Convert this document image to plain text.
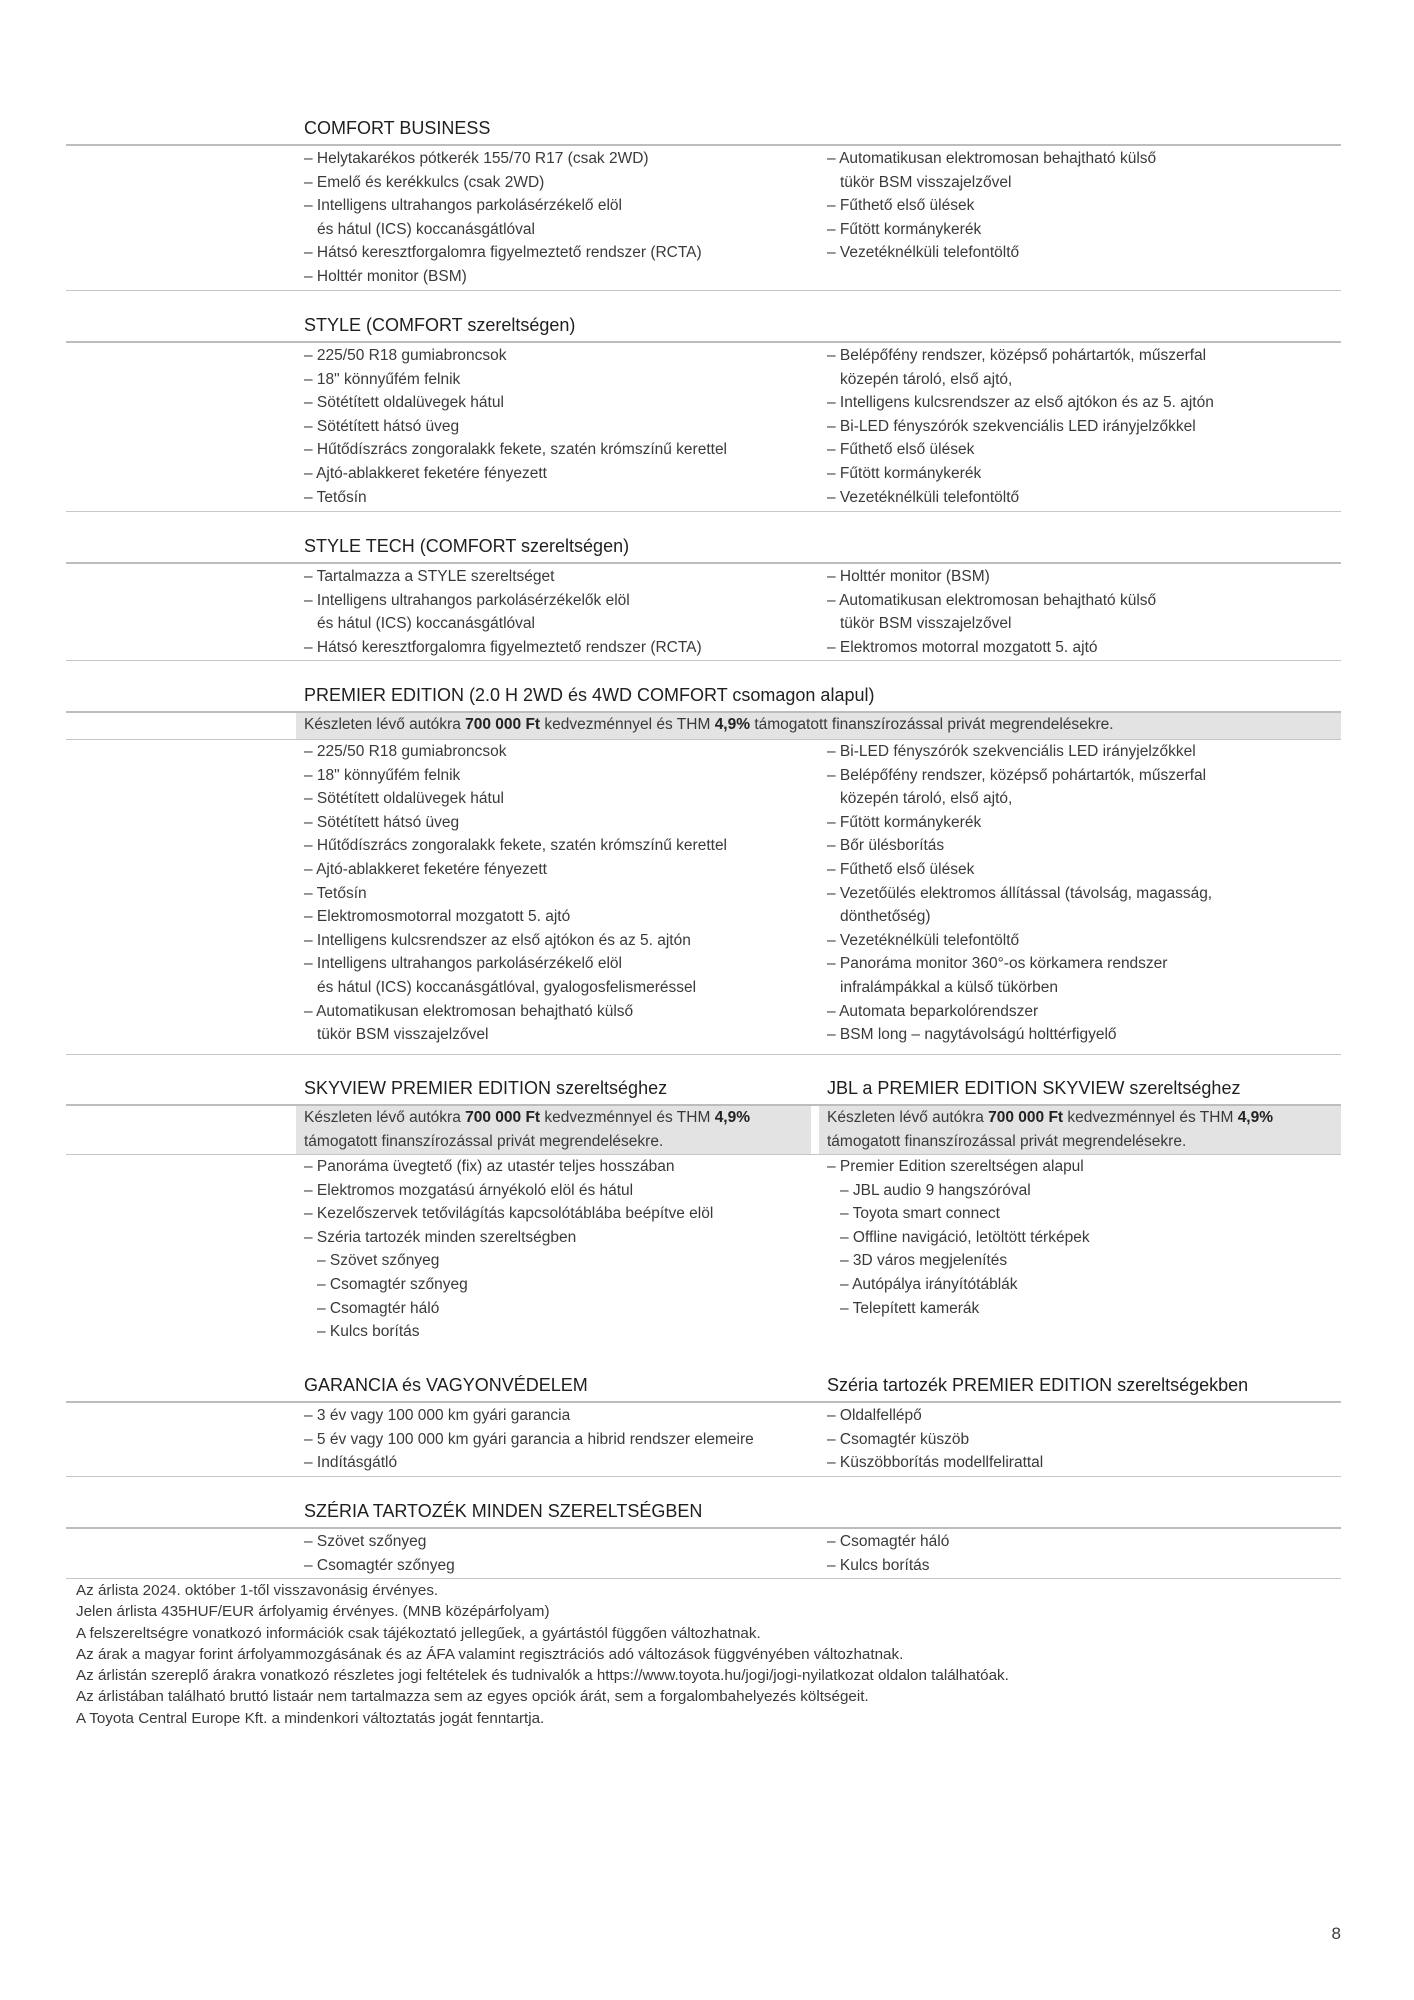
COMFORT BUSINESS
– Helytakarékos pótkerék 155/70 R17 (csak 2WD)
– Emelő és kerékkulcs (csak 2WD)
– Intelligens ultrahangos parkolásérzékelő elöl
és hátul (ICS) koccanásgátlóval
– Hátsó keresztforgalomra figyelmeztető rendszer (RCTA)
– Holttér monitor (BSM)
– Automatikusan elektromosan behajtható külső
tükör BSM visszajelzővel
– Fűthető első ülések
– Fűtött kormánykerék
– Vezetéknélküli telefontöltő
STYLE (COMFORT szereltségen)
– 225/50 R18 gumiabroncsok
– 18" könnyűfém felnik
– Sötétített oldalüvegek hátul
– Sötétített hátsó üveg
– Hűtődíszrács zongoralakk fekete, szatén krómszínű kerettel
– Ajtó-ablakkeret feketére fényezett
– Tetősín
– Belépőfény rendszer, középső pohártartók, műszerfal
közepén tároló, első ajtó,
– Intelligens kulcsrendszer az első ajtókon és az 5. ajtón
– Bi-LED fényszórók szekvenciális LED irányjelzőkkel
– Fűthető első ülések
– Fűtött kormánykerék
– Vezetéknélküli telefontöltő
STYLE TECH (COMFORT szereltségen)
– Tartalmazza a STYLE szereltséget
– Intelligens ultrahangos parkolásérzékelők elöl
és hátul (ICS) koccanásgátlóval
– Hátsó keresztforgalomra figyelmeztető rendszer (RCTA)
– Holttér monitor (BSM)
– Automatikusan elektromosan behajtható külső
tükör BSM visszajelzővel
– Elektromos motorral mozgatott 5. ajtó
PREMIER EDITION (2.0 H 2WD és 4WD COMFORT csomagon alapul)
Készleten lévő autókra 700 000 Ft kedvezménnyel és THM 4,9% támogatott finanszírozással privát megrendelésekre.
– 225/50 R18 gumiabroncsok
– 18" könnyűfém felnik
– Sötétített oldalüvegek hátul
– Sötétített hátsó üveg
– Hűtődíszrács zongoralakk fekete, szatén krómszínű kerettel
– Ajtó-ablakkeret feketére fényezett
– Tetősín
– Elektromosmotorral mozgatott 5. ajtó
– Intelligens kulcsrendszer az első ajtókon és az 5. ajtón
– Intelligens ultrahangos parkolásérzékelő elöl
és hátul (ICS) koccanásgátlóval, gyalogosfelismeréssel
– Automatikusan elektromosan behajtható külső
tükör BSM visszajelzővel
– Bi-LED fényszórók szekvenciális LED irányjelzőkkel
– Belépőfény rendszer, középső pohártartók, műszerfal
közepén tároló, első ajtó,
– Fűtött kormánykerék
– Bőr ülésborítás
– Fűthető első ülések
– Vezetőülés elektromos állítással (távolság, magasság,
dönthetőség)
– Vezetéknélküli telefontöltő
– Panoráma monitor 360°-os körkamera rendszer
infralámpákkal a külső tükörben
– Automata beparkolórendszer
– BSM long – nagytávolságú holttérfigyelő
SKYVIEW PREMIER EDITION szereltséghez	JBL a PREMIER EDITION SKYVIEW szereltséghez
Készleten lévő autókra 700 000 Ft kedvezménnyel és THM 4,9%
támogatott finanszírozással privát megrendelésekre.
Készleten lévő autókra 700 000 Ft kedvezménnyel és THM 4,9%
támogatott finanszírozással privát megrendelésekre.
– Panoráma üvegtető (fix) az utastér teljes hosszában
– Elektromos mozgatású árnyékoló elöl és hátul
– Kezelőszervek tetővilágítás kapcsolótáblába beépítve elöl
– Széria tartozék minden szereltségben
– Szövet szőnyeg
– Csomagtér szőnyeg
– Csomagtér háló
– Kulcs borítás
– Premier Edition szereltségen alapul
– JBL audio 9 hangszóróval
– Toyota smart connect
– Offline navigáció, letöltött térképek
– 3D város megjelenítés
– Autópálya irányítótáblák
– Telepített kamerák
GARANCIA és VAGYONVÉDELEM	Széria tartozék PREMIER EDITION szereltségekben
– 3 év vagy 100 000 km gyári garancia
– 5 év vagy 100 000 km gyári garancia a hibrid rendszer elemeire
– Indításgátló
– Oldalfellépő
– Csomagtér küszöb
– Küszöbborítás modellfelirattal
SZÉRIA TARTOZÉK MINDEN SZERELTSÉGBEN
– Szövet szőnyeg
– Csomagtér szőnyeg
– Csomagtér háló
– Kulcs borítás
Az árlista 2024. október 1-től visszavonásig érvényes.
Jelen árlista 435HUF/EUR árfolyamig érvényes. (MNB középárfolyam)
A felszereltségre vonatkozó információk csak tájékoztató jellegűek, a gyártástól függően változhatnak.
Az árak a magyar forint árfolyammozgásának és az ÁFA valamint regisztrációs adó változások függvényében változhatnak.
Az árlistán szereplő árakra vonatkozó részletes jogi feltételek és tudnivalók a https://www.toyota.hu/jogi/jogi-nyilatkozat oldalon találhatóak.
Az árlistában található bruttó listaár nem tartalmazza sem az egyes opciók árát, sem a forgalombahelyezés költségeit.
A Toyota Central Europe Kft. a mindenkori változtatás jogát fenntartja.
8
